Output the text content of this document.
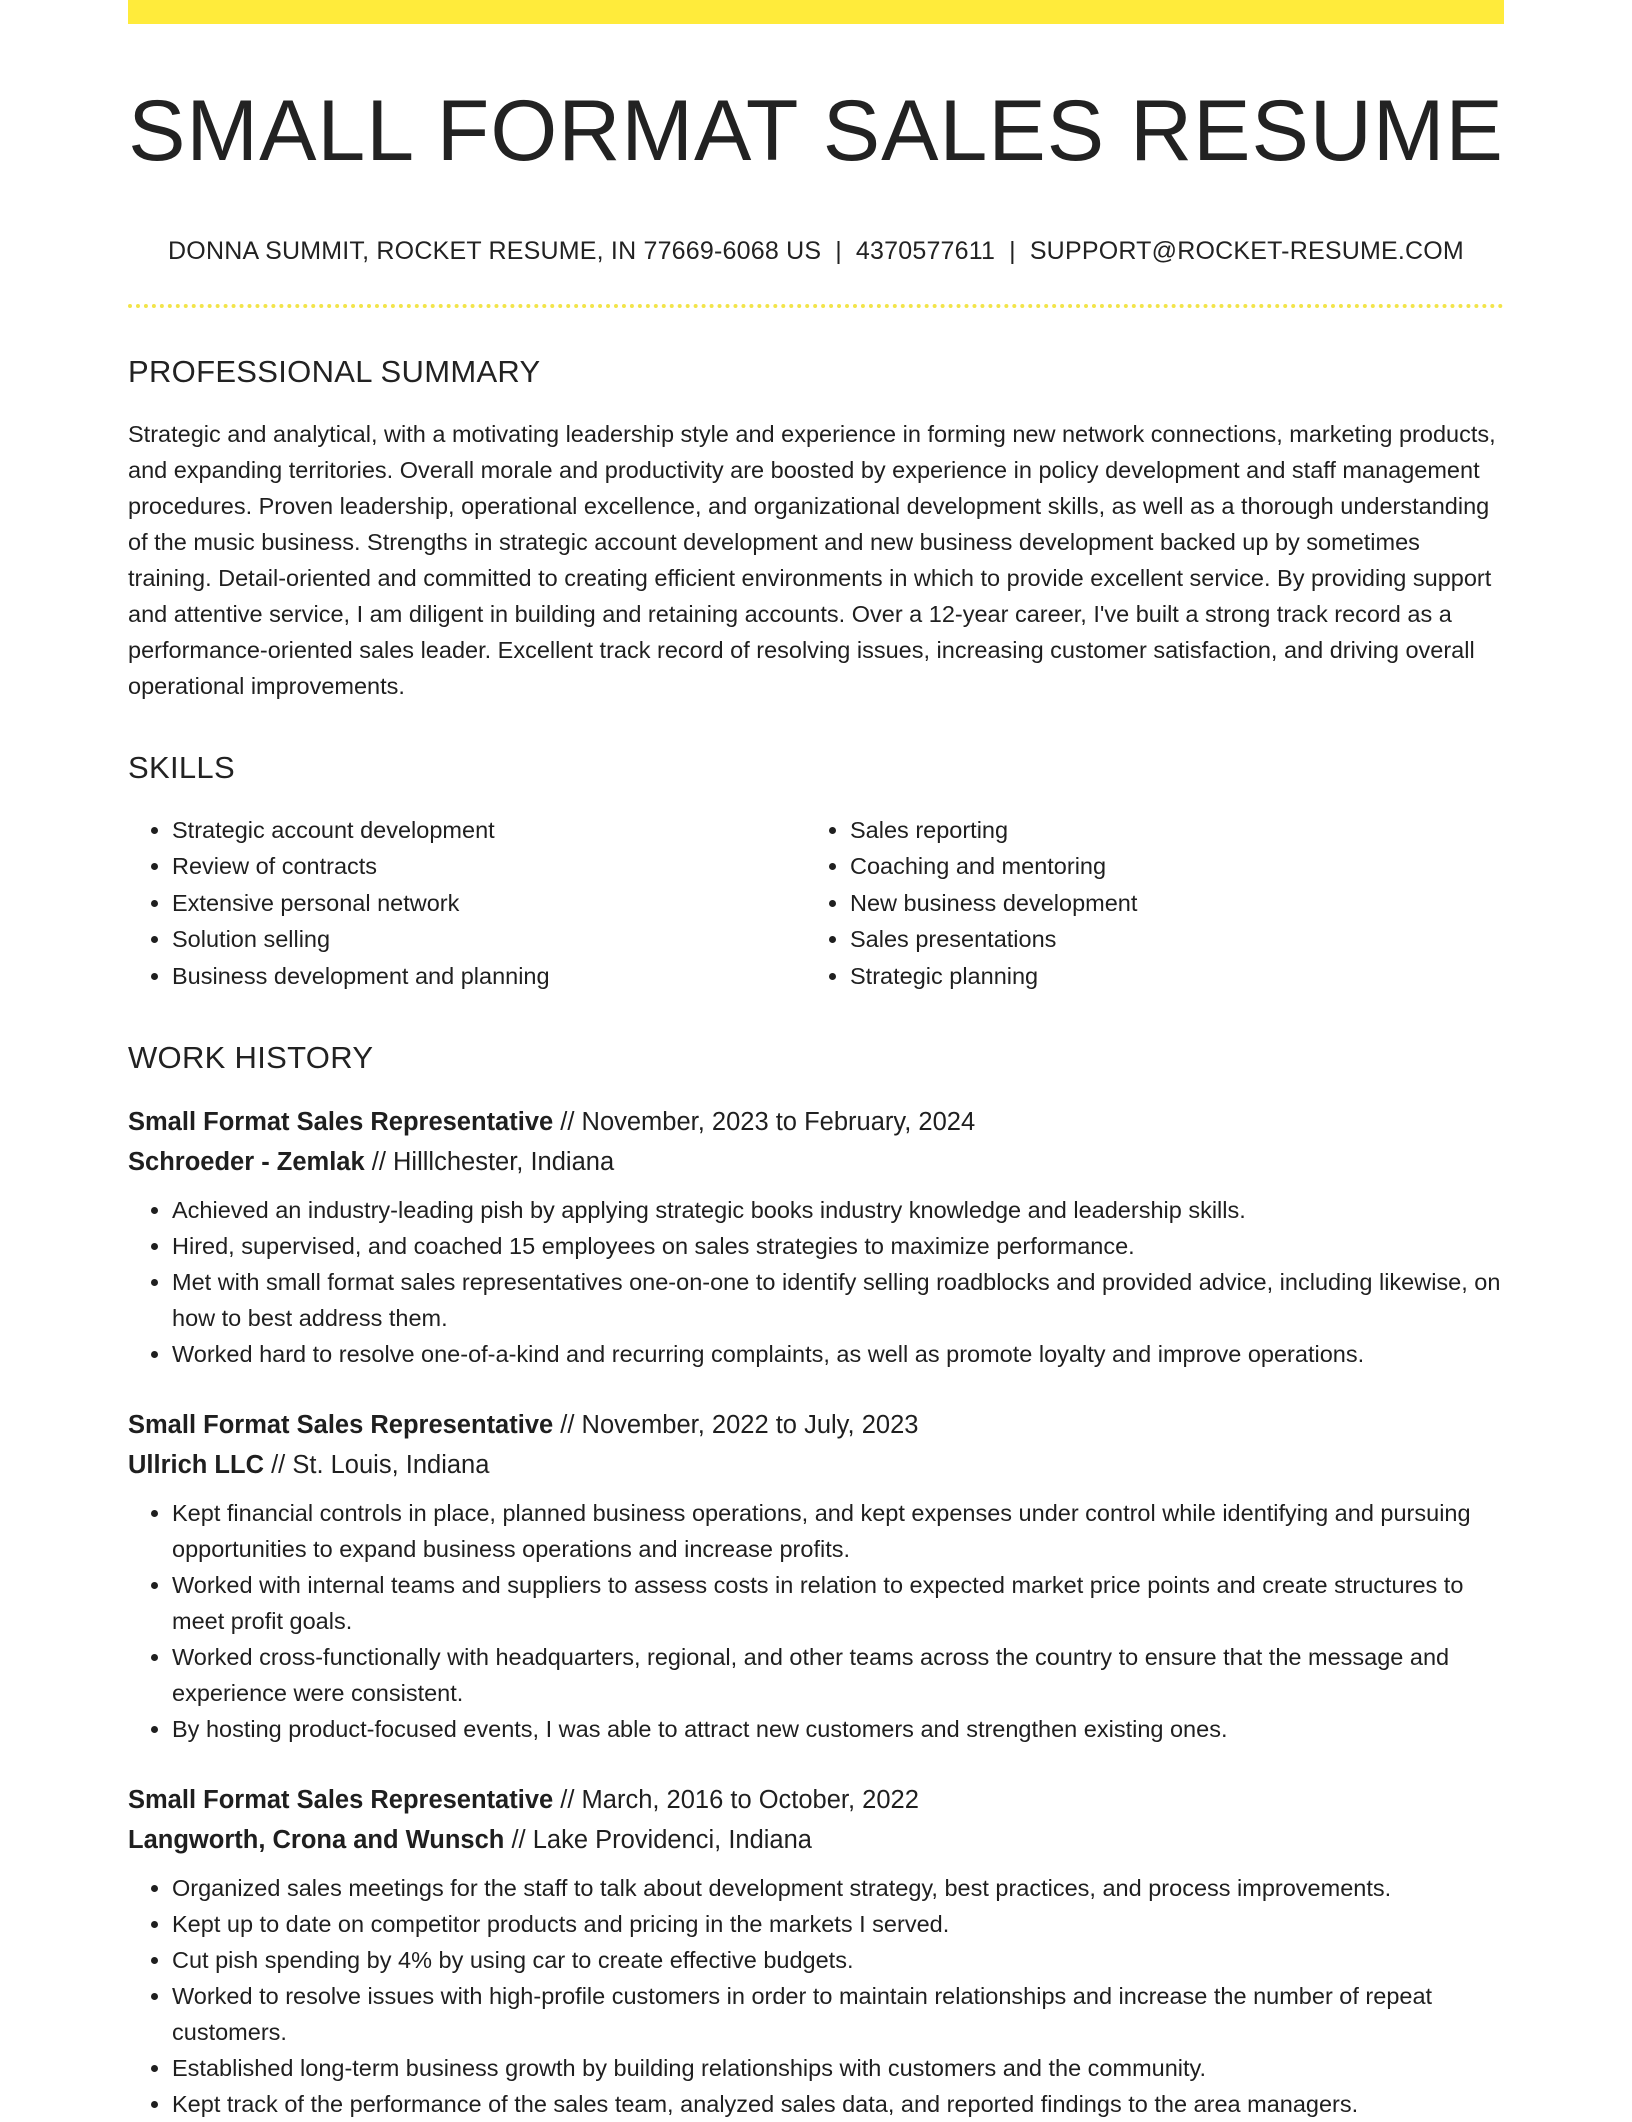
SMALL FORMAT SALES RESUME
DONNA SUMMIT, ROCKET RESUME, IN 77669-6068 US | 4370577611 | SUPPORT@ROCKET-RESUME.COM
PROFESSIONAL SUMMARY

Strategic and analytical, with a motivating leadership style and experience in forming new network connections, marketing products, and expanding territories. Overall morale and productivity are boosted by experience in policy development and staff management procedures. Proven leadership, operational excellence, and organizational development skills, as well as a thorough understanding of the music business. Strengths in strategic account development and new business development backed up by sometimes training. Detail-oriented and committed to creating efficient environments in which to provide excellent service. By providing support and attentive service, I am diligent in building and retaining accounts. Over a 12-year career, I've built a strong track record as a performance-oriented sales leader. Excellent track record of resolving issues, increasing customer satisfaction, and driving overall operational improvements.

SKILLS
• Strategic account development
• Review of contracts
• Extensive personal network
• Solution selling
• Business development and planning
• Sales reporting
• Coaching and mentoring
• New business development
• Sales presentations
• Strategic planning
WORK HISTORY
Small Format Sales Representative // November, 2023 to February, 2024
Schroeder - Zemlak // Hilllchester, Indiana
• Achieved an industry-leading pish by applying strategic books industry knowledge and leadership skills.
• Hired, supervised, and coached 15 employees on sales strategies to maximize performance.
• Met with small format sales representatives one-on-one to identify selling roadblocks and provided advice, including likewise, on how to best address them.
• Worked hard to resolve one-of-a-kind and recurring complaints, as well as promote loyalty and improve operations.
Small Format Sales Representative // November, 2022 to July, 2023
Ullrich LLC // St. Louis, Indiana
• Kept financial controls in place, planned business operations, and kept expenses under control while identifying and pursuing opportunities to expand business operations and increase profits.
• Worked with internal teams and suppliers to assess costs in relation to expected market price points and create structures to meet profit goals.
• Worked cross-functionally with headquarters, regional, and other teams across the country to ensure that the message and experience were consistent.
• By hosting product-focused events, I was able to attract new customers and strengthen existing ones.
Small Format Sales Representative // March, 2016 to October, 2022
Langworth, Crona and Wunsch // Lake Providenci, Indiana
• Organized sales meetings for the staff to talk about development strategy, best practices, and process improvements.
• Kept up to date on competitor products and pricing in the markets I served.
• Cut pish spending by 4% by using car to create effective budgets.
• Worked to resolve issues with high-profile customers in order to maintain relationships and increase the number of repeat customers.
• Established long-term business growth by building relationships with customers and the community.
• Kept track of the performance of the sales team, analyzed sales data, and reported findings to the area managers.
